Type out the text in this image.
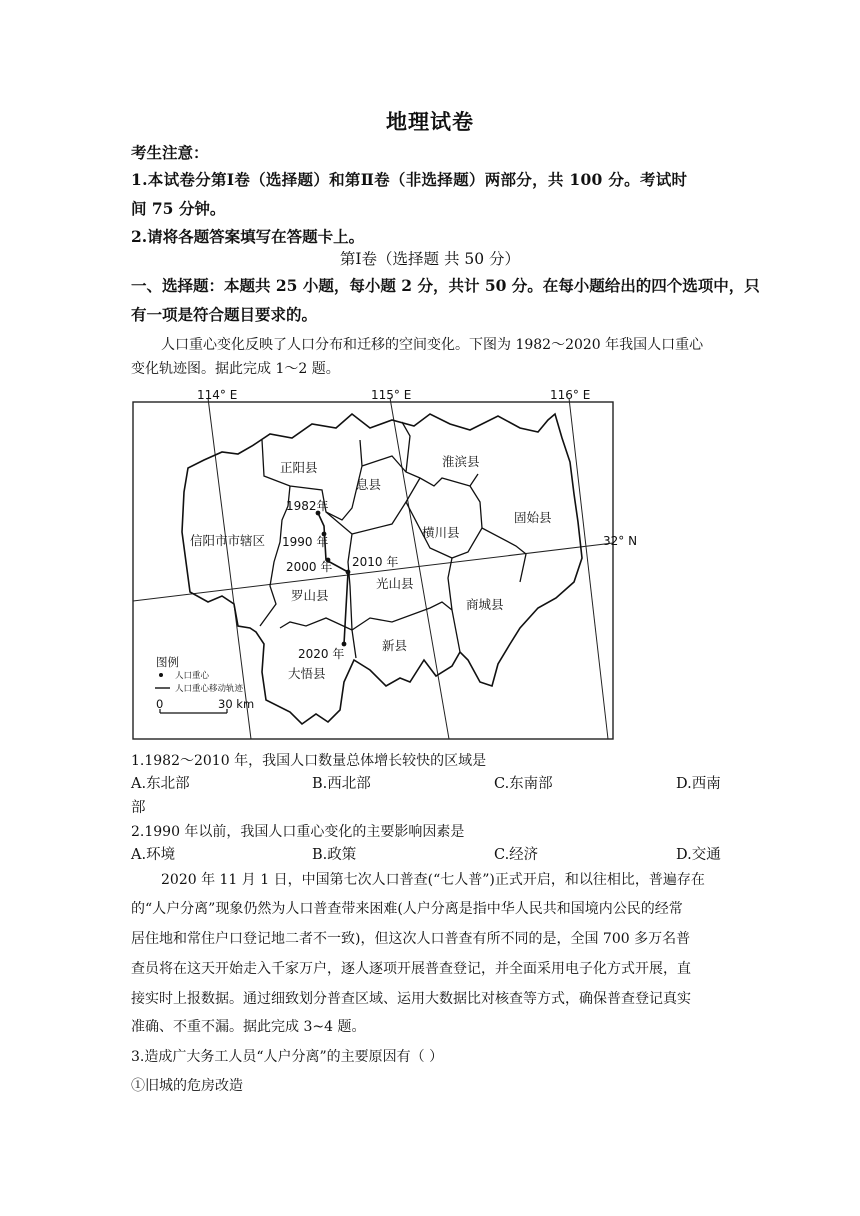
地理试卷
考生注意：
1.本试卷分第Ⅰ卷（选择题）和第Ⅱ卷（非选择题）两部分，共 100 分。考试时
间 75 分钟。
2.请将各题答案填写在答题卡上。
第Ⅰ卷（选择题 共 50 分）
一、选择题：本题共 25 小题，每小题 2 分，共计 50 分。在每小题给出的四个选项中，只
有一项是符合题目要求的。
人口重心变化反映了人口分布和迁移的空间变化。下图为 1982～2020 年我国人口重心
变化轨迹图。据此完成 1～2 题。
114° E	115° E	116° E
32° N
正阳县
息县
淮滨县
固始县
横川县
信阳市市辖区
光山县
商城县
罗山县
新县
大悟县
1982年
1990 年
2000 年 2010 年
2020 年
图例
人口重心
人口重心移动轨迹
0	30 km
1.1982～2010 年，我国人口数量总体增长较快的区域是
A.东北部	B.西北部	C.东南部	D.西南
部
2.1990 年以前，我国人口重心变化的主要影响因素是
A.环境	B.政策	C.经济	D.交通
2020 年 11 月 1 日，中国第七次人口普查(“七人普”)正式开启，和以往相比，普遍存在
的“人户分离”现象仍然为人口普查带来困难(人户分离是指中华人民共和国境内公民的经常
居住地和常住户口登记地二者不一致)，但这次人口普查有所不同的是，全国 700 多万名普
查员将在这天开始走入千家万户，逐人逐项开展普查登记，并全面采用电子化方式开展，直
接实时上报数据。通过细致划分普查区域、运用大数据比对核查等方式，确保普查登记真实
准确、不重不漏。据此完成 3~4 题。
3.造成广大务工人员“人户分离”的主要原因有（ ）
①旧城的危房改造
